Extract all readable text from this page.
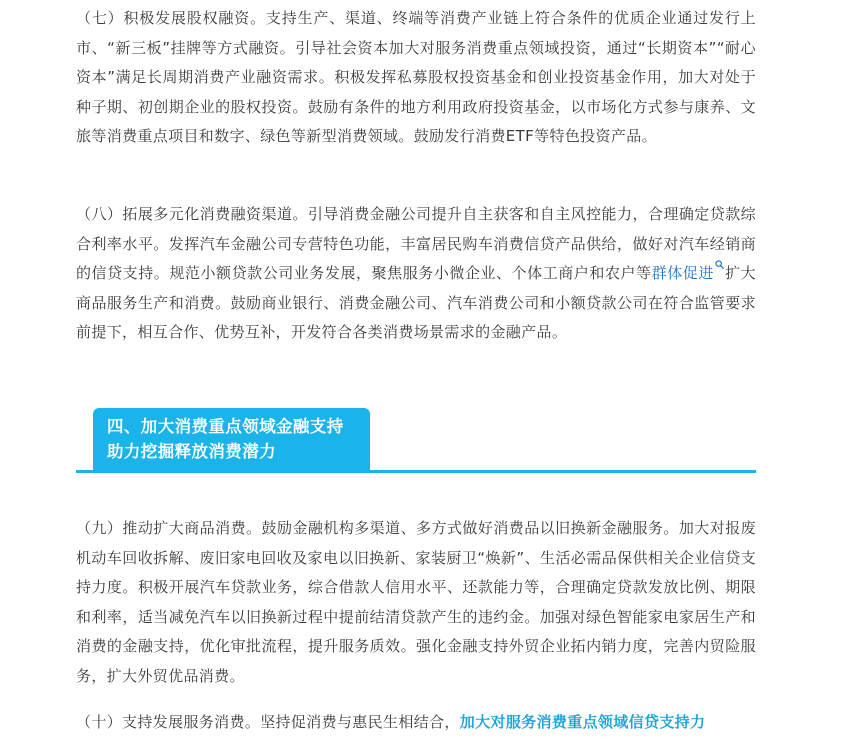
（七）积极发展股权融资。支持生产、渠道、终端等消费产业链上符合条件的优质企业通过发行上市、“新三板”挂牌等方式融资。引导社会资本加大对服务消费重点领域投资，通过“长期资本”“耐心资本”满足长周期消费产业融资需求。积极发挥私募股权投资基金和创业投资基金作用，加大对处于种子期、初创期企业的股权投资。鼓励有条件的地方利用政府投资基金，以市场化方式参与康养、文旅等消费重点项目和数字、绿色等新型消费领域。鼓励发行消费ETF等特色投资产品。

（八）拓展多元化消费融资渠道。引导消费金融公司提升自主获客和自主风控能力，合理确定贷款综合利率水平。发挥汽车金融公司专营特色功能，丰富居民购车消费信贷产品供给，做好对汽车经销商的信贷支持。规范小额贷款公司业务发展，聚焦服务小微企业、个体工商户和农户等群体促进 扩大商品服务生产和消费。鼓励商业银行、消费金融公司、汽车消费公司和小额贷款公司在符合监管要求前提下，相互合作、优势互补，开发符合各类消费场景需求的金融产品。

四、加大消费重点领域金融支持
助力挖掘释放消费潜力

（九）推动扩大商品消费。鼓励金融机构多渠道、多方式做好消费品以旧换新金融服务。加大对报废机动车回收拆解、废旧家电回收及家电以旧换新、家装厨卫“焕新”、生活必需品保供相关企业信贷支持力度。积极开展汽车贷款业务，综合借款人信用水平、还款能力等，合理确定贷款发放比例、期限和利率，适当减免汽车以旧换新过程中提前结清贷款产生的违约金。加强对绿色智能家电家居生产和消费的金融支持，优化审批流程，提升服务质效。强化金融支持外贸企业拓内销力度，完善内贸险服务，扩大外贸优品消费。

（十）支持发展服务消费。坚持促消费与惠民生相结合，加大对服务消费重点领域信贷支持力
